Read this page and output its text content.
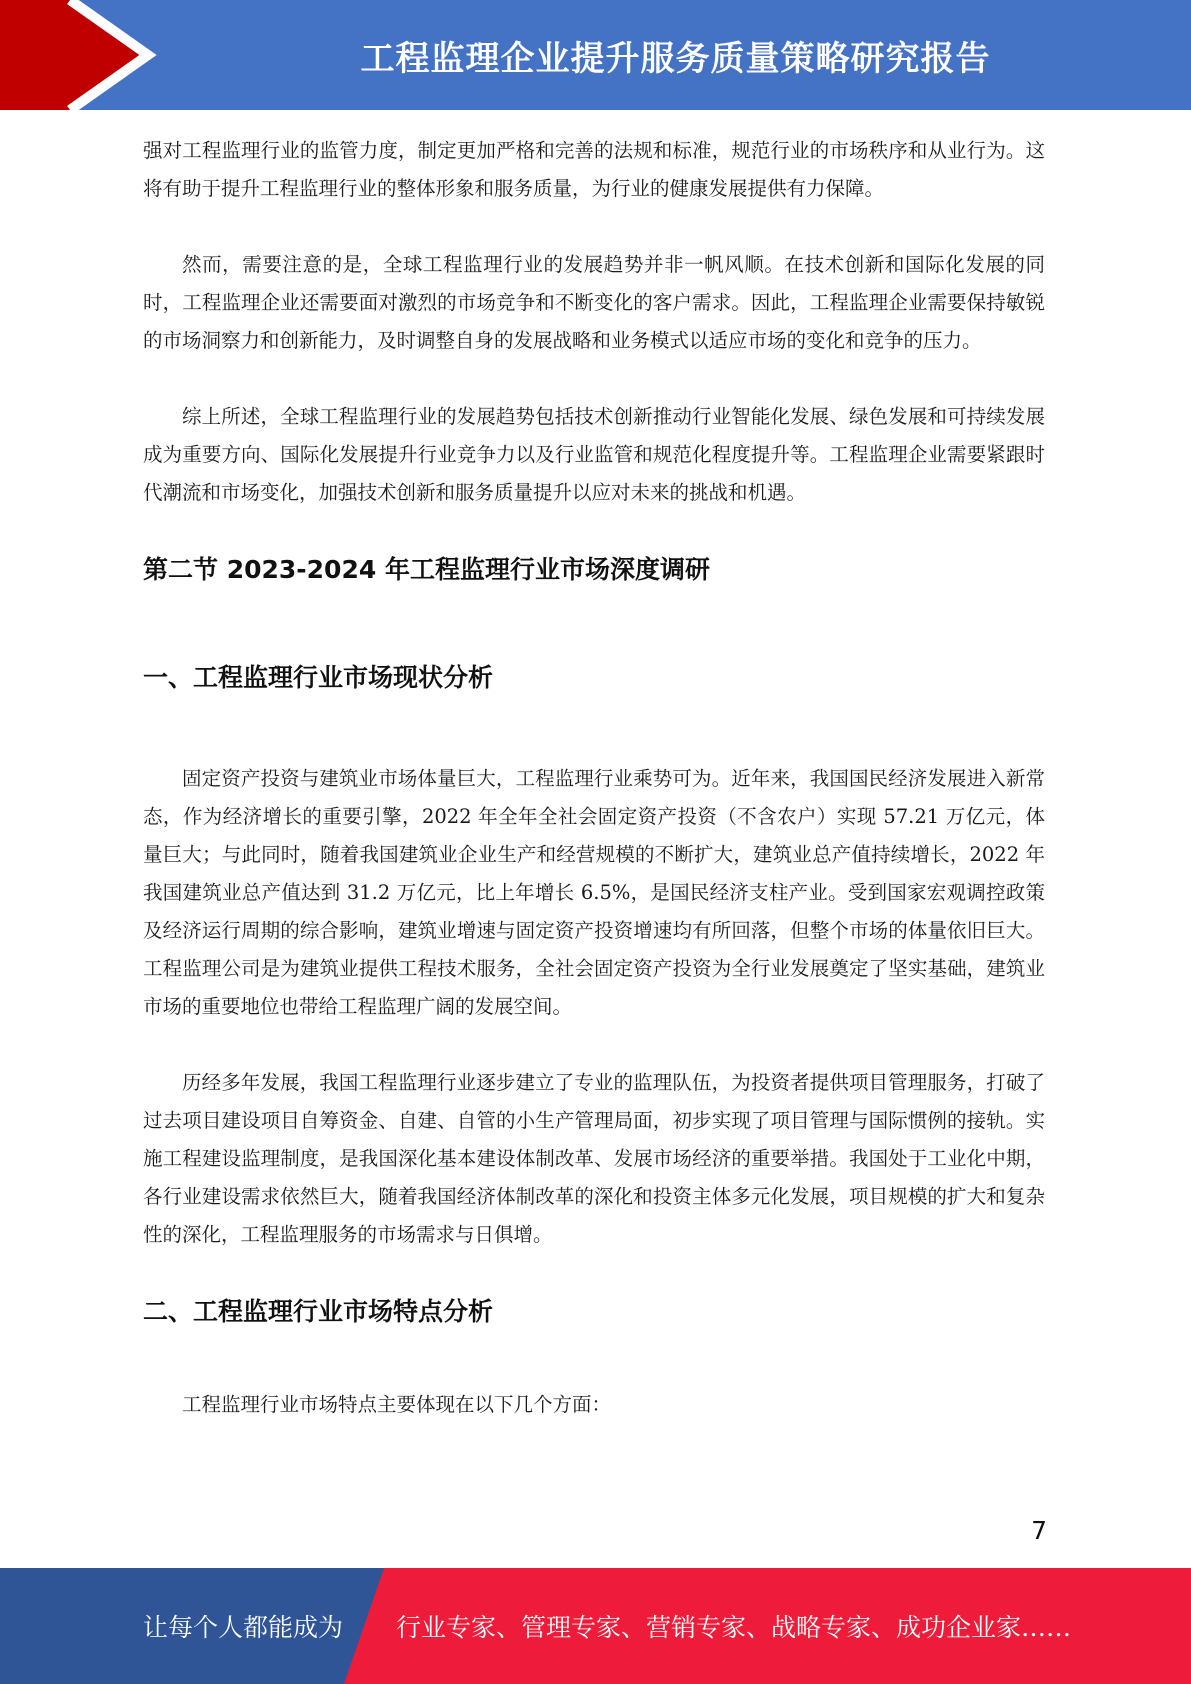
工程监理企业提升服务质量策略研究报告

强对工程监理行业的监管力度，制定更加严格和完善的法规和标准，规范行业的市场秩序和从业行为。这将有助于提升工程监理行业的整体形象和服务质量，为行业的健康发展提供有力保障。

然而，需要注意的是，全球工程监理行业的发展趋势并非一帆风顺。在技术创新和国际化发展的同时，工程监理企业还需要面对激烈的市场竞争和不断变化的客户需求。因此，工程监理企业需要保持敏锐的市场洞察力和创新能力，及时调整自身的发展战略和业务模式以适应市场的变化和竞争的压力。

综上所述，全球工程监理行业的发展趋势包括技术创新推动行业智能化发展、绿色发展和可持续发展成为重要方向、国际化发展提升行业竞争力以及行业监管和规范化程度提升等。工程监理企业需要紧跟时代潮流和市场变化，加强技术创新和服务质量提升以应对未来的挑战和机遇。

第二节 2023-2024 年工程监理行业市场深度调研
一、工程监理行业市场现状分析

固定资产投资与建筑业市场体量巨大，工程监理行业乘势可为。近年来，我国国民经济发展进入新常态，作为经济增长的重要引擎，2022 年全年全社会固定资产投资（不含农户）实现 57.21 万亿元，体量巨大；与此同时，随着我国建筑业企业生产和经营规模的不断扩大，建筑业总产值持续增长，2022 年我国建筑业总产值达到 31.2 万亿元，比上年增长 6.5%，是国民经济支柱产业。受到国家宏观调控政策及经济运行周期的综合影响，建筑业增速与固定资产投资增速均有所回落，但整个市场的体量依旧巨大。工程监理公司是为建筑业提供工程技术服务，全社会固定资产投资为全行业发展奠定了坚实基础，建筑业市场的重要地位也带给工程监理广阔的发展空间。

历经多年发展，我国工程监理行业逐步建立了专业的监理队伍，为投资者提供项目管理服务，打破了过去项目建设项目自筹资金、自建、自管的小生产管理局面，初步实现了项目管理与国际惯例的接轨。实施工程建设监理制度，是我国深化基本建设体制改革、发展市场经济的重要举措。我国处于工业化中期，各行业建设需求依然巨大，随着我国经济体制改革的深化和投资主体多元化发展，项目规模的扩大和复杂性的深化，工程监理服务的市场需求与日俱增。

二、工程监理行业市场特点分析

工程监理行业市场特点主要体现在以下几个方面：

7
让每个人都能成为 行业专家、管理专家、营销专家、战略专家、成功企业家……
